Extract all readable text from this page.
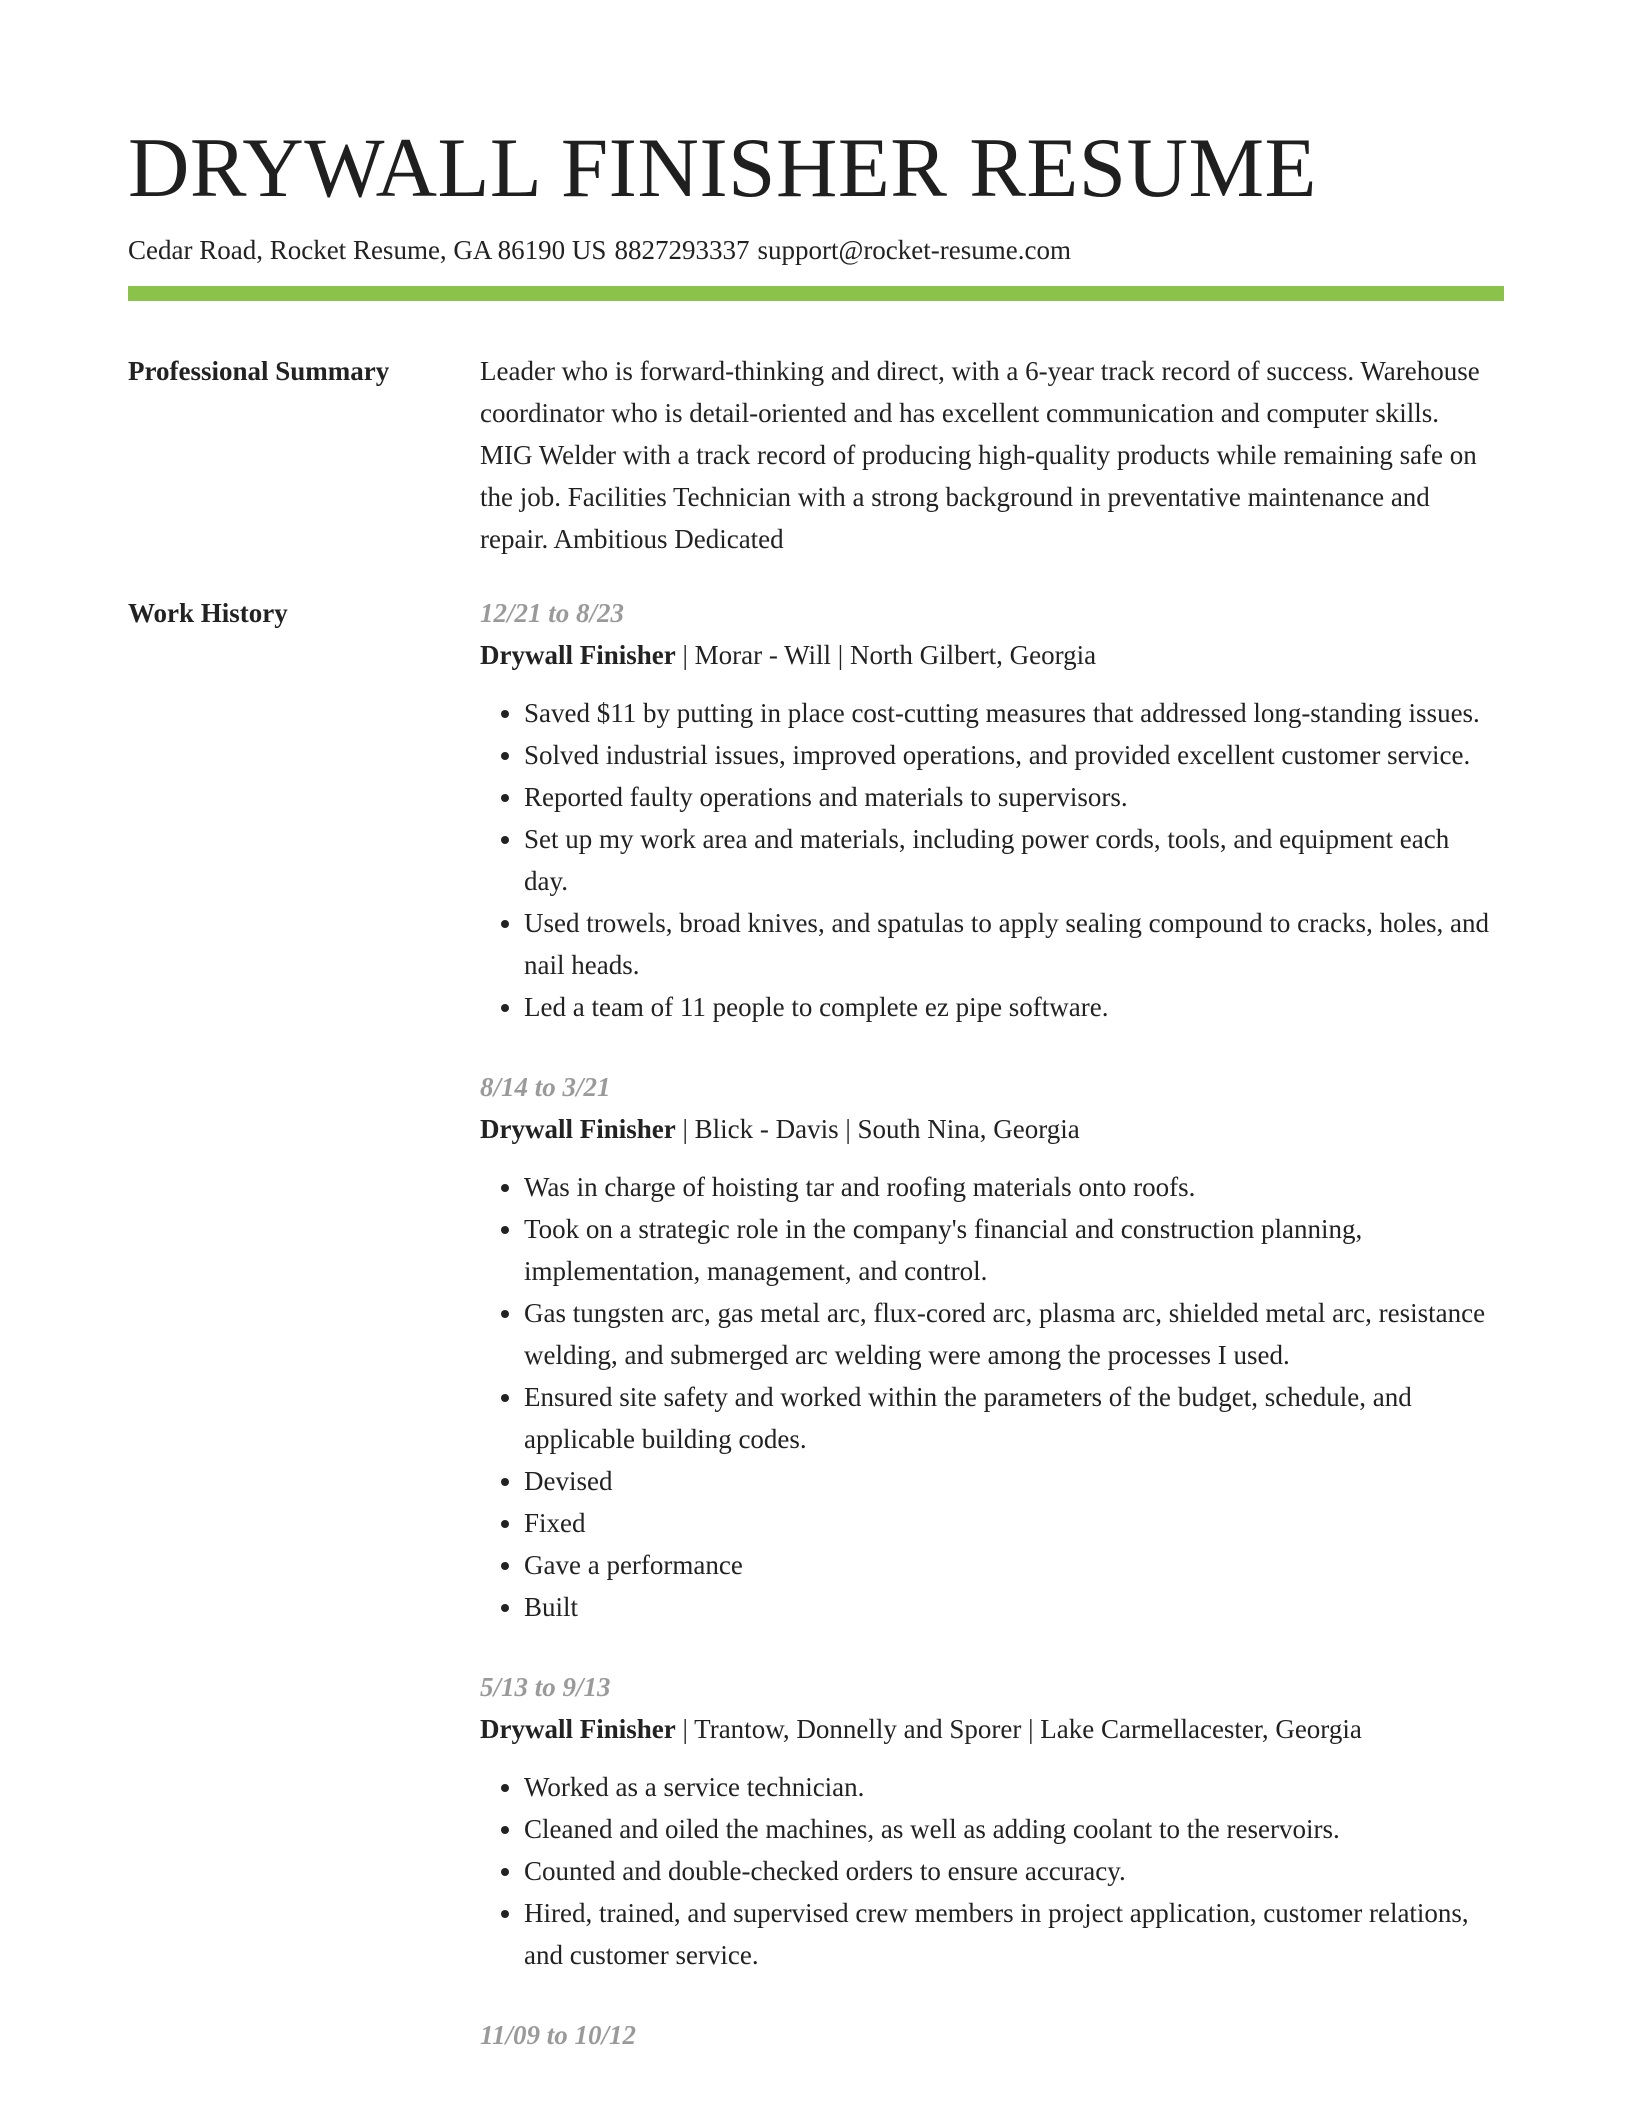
DRYWALL FINISHER RESUME
Cedar Road, Rocket Resume, GA 86190 US 8827293337 support@rocket-resume.com
Professional Summary	Leader who is forward-thinking and direct, with a 6-year track record of success. Warehouse coordinator who is detail-oriented and has excellent communication and computer skills. MIG Welder with a track record of producing high-quality products while remaining safe on the job. Facilities Technician with a strong background in preventative maintenance and repair. Ambitious Dedicated

Work History	12/21 to 8/23
Drywall Finisher | Morar - Will | North Gilbert, Georgia
• Saved $11 by putting in place cost-cutting measures that addressed long-standing issues.
• Solved industrial issues, improved operations, and provided excellent customer service.
• Reported faulty operations and materials to supervisors.
• Set up my work area and materials, including power cords, tools, and equipment each day.
• Used trowels, broad knives, and spatulas to apply sealing compound to cracks, holes, and nail heads.
• Led a team of 11 people to complete ez pipe software.
8/14 to 3/21
Drywall Finisher | Blick - Davis | South Nina, Georgia
• Was in charge of hoisting tar and roofing materials onto roofs.
• Took on a strategic role in the company's financial and construction planning, implementation, management, and control.
• Gas tungsten arc, gas metal arc, flux-cored arc, plasma arc, shielded metal arc, resistance welding, and submerged arc welding were among the processes I used.
• Ensured site safety and worked within the parameters of the budget, schedule, and applicable building codes.
• Devised
• Fixed
• Gave a performance
• Built
5/13 to 9/13
Drywall Finisher | Trantow, Donnelly and Sporer | Lake Carmellacester, Georgia
• Worked as a service technician.
• Cleaned and oiled the machines, as well as adding coolant to the reservoirs.
• Counted and double-checked orders to ensure accuracy.
• Hired, trained, and supervised crew members in project application, customer relations, and customer service.
11/09 to 10/12
